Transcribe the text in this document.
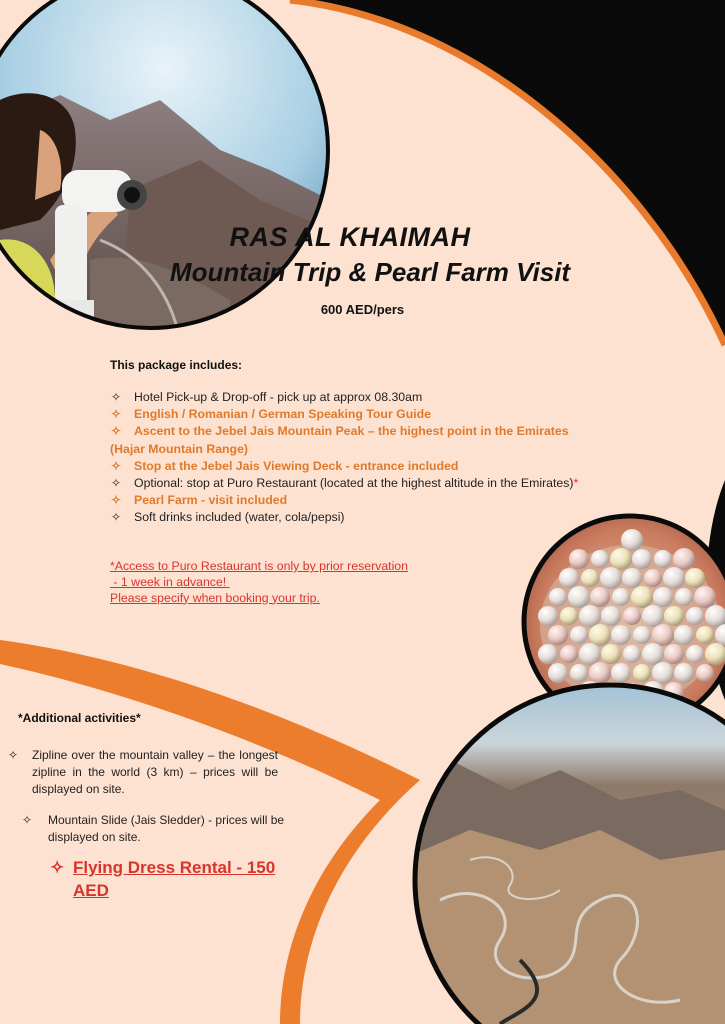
RAS AL KHAIMAH
Mountain Trip & Pearl Farm Visit
600 AED/pers
This package includes:
✧ Hotel Pick-up & Drop-off - pick up at approx 08.30am
✧ English / Romanian / German Speaking Tour Guide
✧ Ascent to the Jebel Jais Mountain Peak – the highest point in the Emirates (Hajar Mountain Range)
✧ Stop at the Jebel Jais Viewing Deck - entrance included
✧ Optional: stop at Puro Restaurant (located at the highest altitude in the Emirates)*
✧ Pearl Farm - visit included
✧ Soft drinks included (water, cola/pepsi)
*Access to Puro Restaurant is only by prior reservation
- 1 week in advance!
Please specify when booking your trip.
*Additional activities*
✧ Zipline over the mountain valley – the longest zipline in the world (3 km) – prices will be displayed on site.
✧ Mountain Slide (Jais Sledder) - prices will be displayed on site.
✧ Flying Dress Rental - 150 AED
